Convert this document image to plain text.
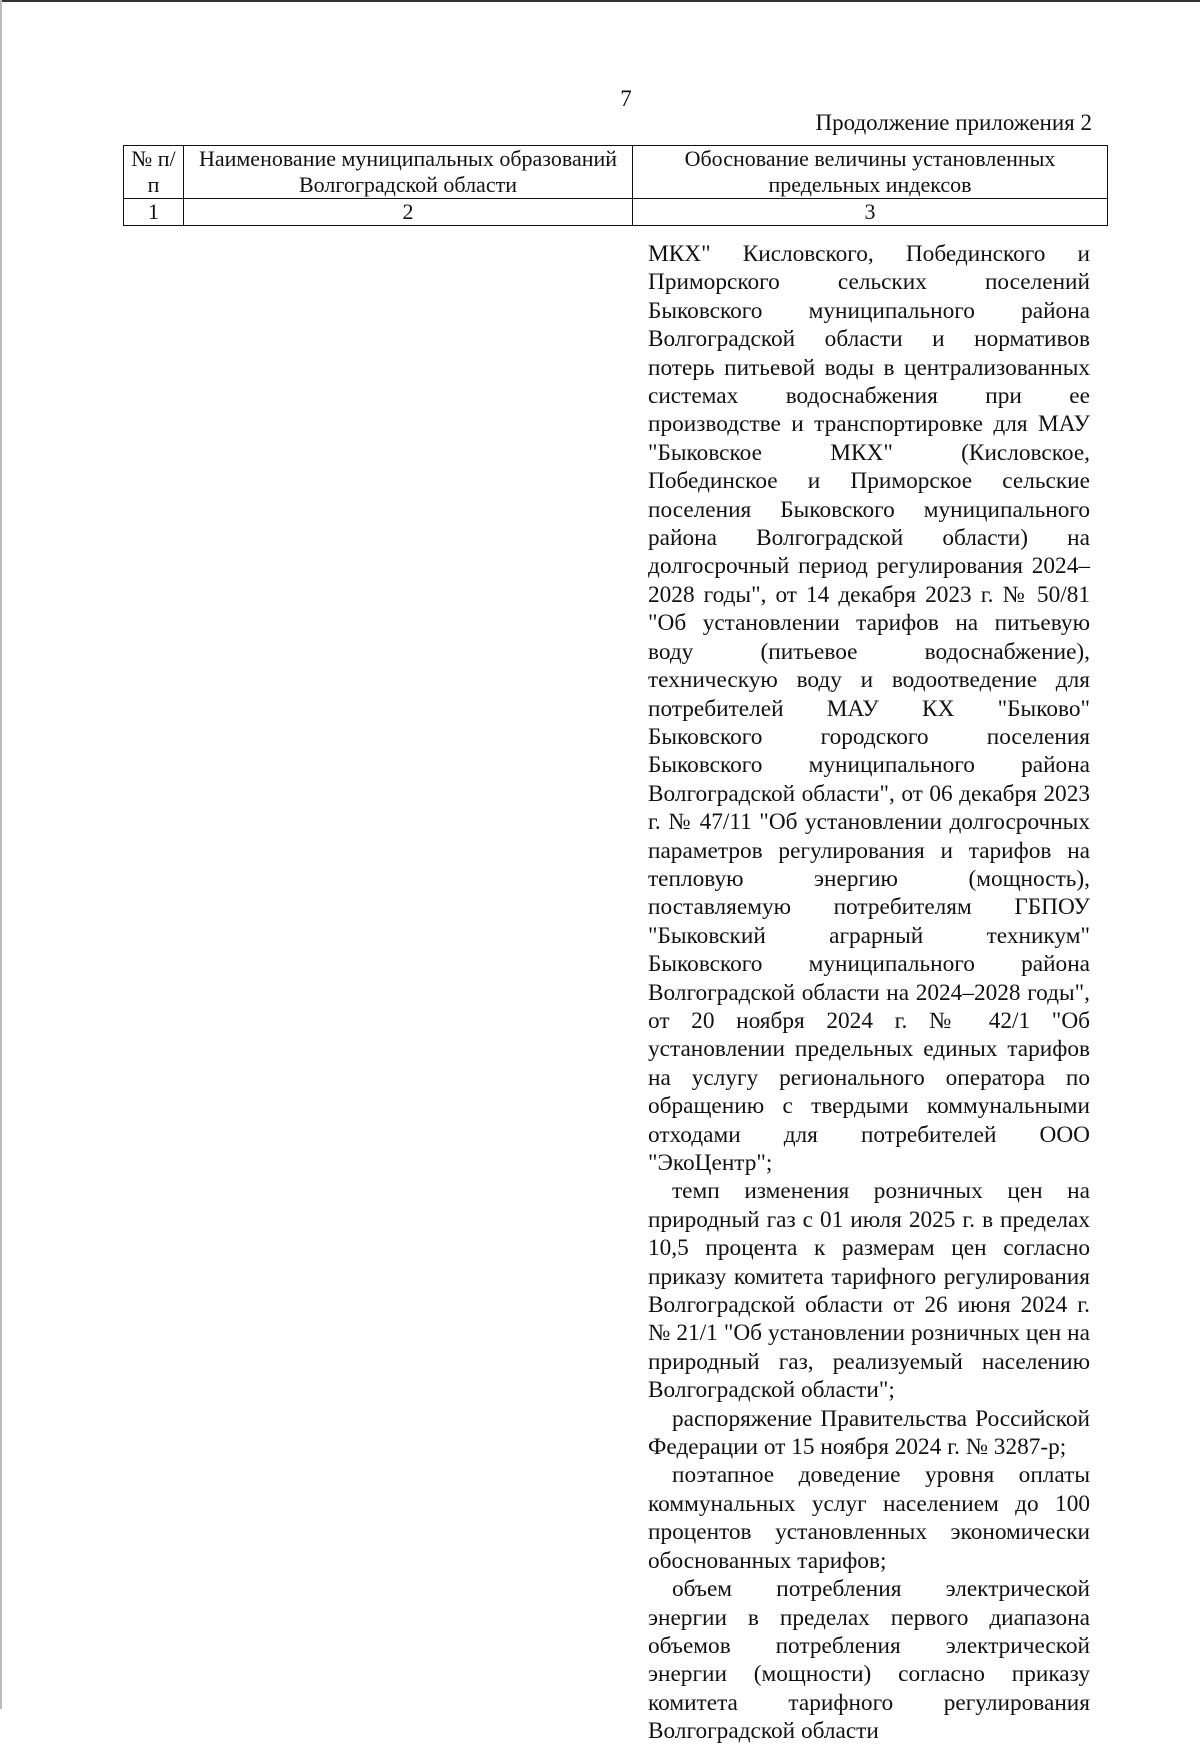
7
Продолжение приложения 2
№ п/п	Наименование муниципальных образований Волгоградской области	Обоснование величины установленных предельных индексов
1	2	3

МКХ" Кисловского, Побединского и Приморского сельских поселений Быковского муниципального района Волгоградской области и нормативов потерь питьевой воды в централизованных системах водоснабжения при ее производстве и транспортировке для МАУ "Быковское МКХ" (Кисловское, Побединское и Приморское сельские поселения Быковского муниципального района Волгоградской области) на долгосрочный период регулирования 2024–2028 годы", от 14 декабря 2023 г. № 50/81 "Об установлении тарифов на питьевую воду (питьевое водоснабжение), техническую воду и водоотведение для потребителей МАУ КХ "Быково" Быковского городского поселения Быковского муниципального района Волгоградской области", от 06 декабря 2023 г. № 47/11 "Об установлении долгосрочных параметров регулирования и тарифов на тепловую энергию (мощность), поставляемую потребителям ГБПОУ "Быковский аграрный техникум" Быковского муниципального района Волгоградской области на 2024–2028 годы", от 20 ноября 2024 г. № 42/1 "Об установлении предельных единых тарифов на услугу регионального оператора по обращению с твердыми коммунальными отходами для потребителей ООО "ЭкоЦентр";

темп изменения розничных цен на природный газ с 01 июля 2025 г. в пределах 10,5 процента к размерам цен согласно приказу комитета тарифного регулирования Волгоградской области от 26 июня 2024 г. № 21/1 "Об установлении розничных цен на природный газ, реализуемый населению Волгоградской области";

распоряжение Правительства Российской Федерации от 15 ноября 2024 г. № 3287-р;

поэтапное доведение уровня оплаты коммунальных услуг населением до 100 процентов установленных экономически обоснованных тарифов;

объем потребления электрической энергии в пределах первого диапазона объемов потребления электрической энергии (мощности) согласно приказу комитета тарифного регулирования Волгоградской области
